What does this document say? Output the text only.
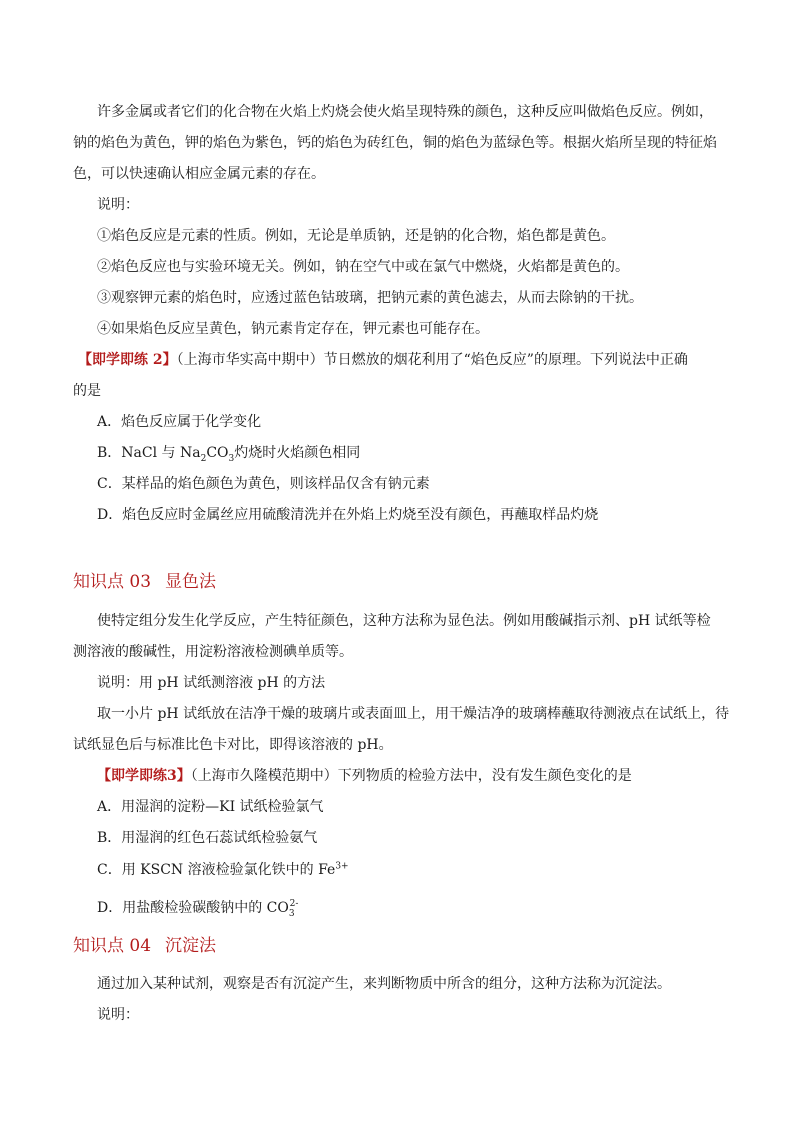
许多金属或者它们的化合物在火焰上灼烧会使火焰呈现特殊的颜色，这种反应叫做焰色反应。例如，
钠的焰色为黄色，钾的焰色为紫色，钙的焰色为砖红色，铜的焰色为蓝绿色等。根据火焰所呈现的特征焰
色，可以快速确认相应金属元素的存在。
说明：
①焰色反应是元素的性质。例如，无论是单质钠，还是钠的化合物，焰色都是黄色。
②焰色反应也与实验环境无关。例如，钠在空气中或在氯气中燃烧，火焰都是黄色的。
③观察钾元素的焰色时，应透过蓝色钴玻璃，把钠元素的黄色滤去，从而去除钠的干扰。
④如果焰色反应呈黄色，钠元素肯定存在，钾元素也可能存在。
【即学即练 2】（上海市华实高中期中）节日燃放的烟花利用了“焰色反应”的原理。下列说法中正确
的是
A．焰色反应属于化学变化
B．NaCl 与 $Na_2CO_3$灼烧时火焰颜色相同
C．某样品的焰色颜色为黄色，则该样品仅含有钠元素
D．焰色反应时金属丝应用硫酸清洗并在外焰上灼烧至没有颜色，再蘸取样品灼烧
知识点 03 显色法
使特定组分发生化学反应，产生特征颜色，这种方法称为显色法。例如用酸碱指示剂、pH 试纸等检
测溶液的酸碱性，用淀粉溶液检测碘单质等。
说明：用 pH 试纸测溶液 pH 的方法
取一小片 pH 试纸放在洁净干燥的玻璃片或表面皿上，用干燥洁净的玻璃棒蘸取待测液点在试纸上，待
试纸显色后与标准比色卡对比，即得该溶液的 pH。
【即学即练3】（上海市久隆模范期中）下列物质的检验方法中，没有发生颜色变化的是
A．用湿润的淀粉—KI 试纸检验氯气
B．用湿润的红色石蕊试纸检验氨气
C．用 KSCN 溶液检验氯化铁中的 $Fe^{3+}$
D．用盐酸检验碳酸钠中的 $CO_3^{2-}$
知识点 04 沉淀法
通过加入某种试剂，观察是否有沉淀产生，来判断物质中所含的组分，这种方法称为沉淀法。
说明：
